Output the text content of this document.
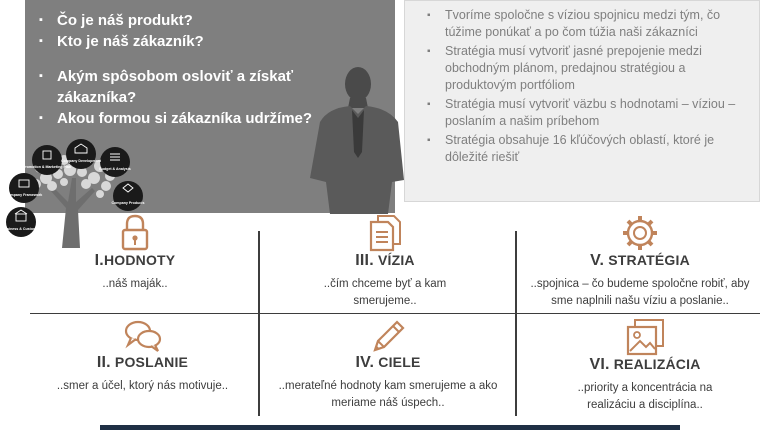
▪ Čo je náš produkt?
▪ Kto je náš zákazník?
▪ Akým spôsobom osloviť a získať zákazníka?
▪ Akou formou si zákazníka udržíme?
▪ Tvoríme spoločne s víziou spojnicu medzi tým, čo túžime ponúkať a po čom túžia naši zákazníci
▪ Stratégia musí vytvoriť jasné prepojenie medzi obchodným plánom, predajnou stratégiou a produktovým portfóliom
▪ Stratégia musí vytvoriť väzbu s hodnotami – víziou – poslaním a našim príbehom
▪ Stratégia obsahuje 16 kľúčových oblastí, ktoré je dôležité riešiť
Business & Customer
Company Framework
Promotion & Marketing Plan
Company Development
Budget & Analysis
Company Products
I.HODNOTY
..náš maják..
III. VÍZIA
..čím chceme byť a kam smerujeme..
V. STRATÉGIA
..spojnica – čo budeme spoločne robiť, aby sme naplnili našu víziu a poslanie..
II. POSLANIE
..smer a účel, ktorý nás motivuje..
IV. CIELE
..merateľné hodnoty kam smerujeme a ako meriame náš úspech..
VI. REALIZÁCIA
..priority a koncentrácia na realizáciu a disciplína..
